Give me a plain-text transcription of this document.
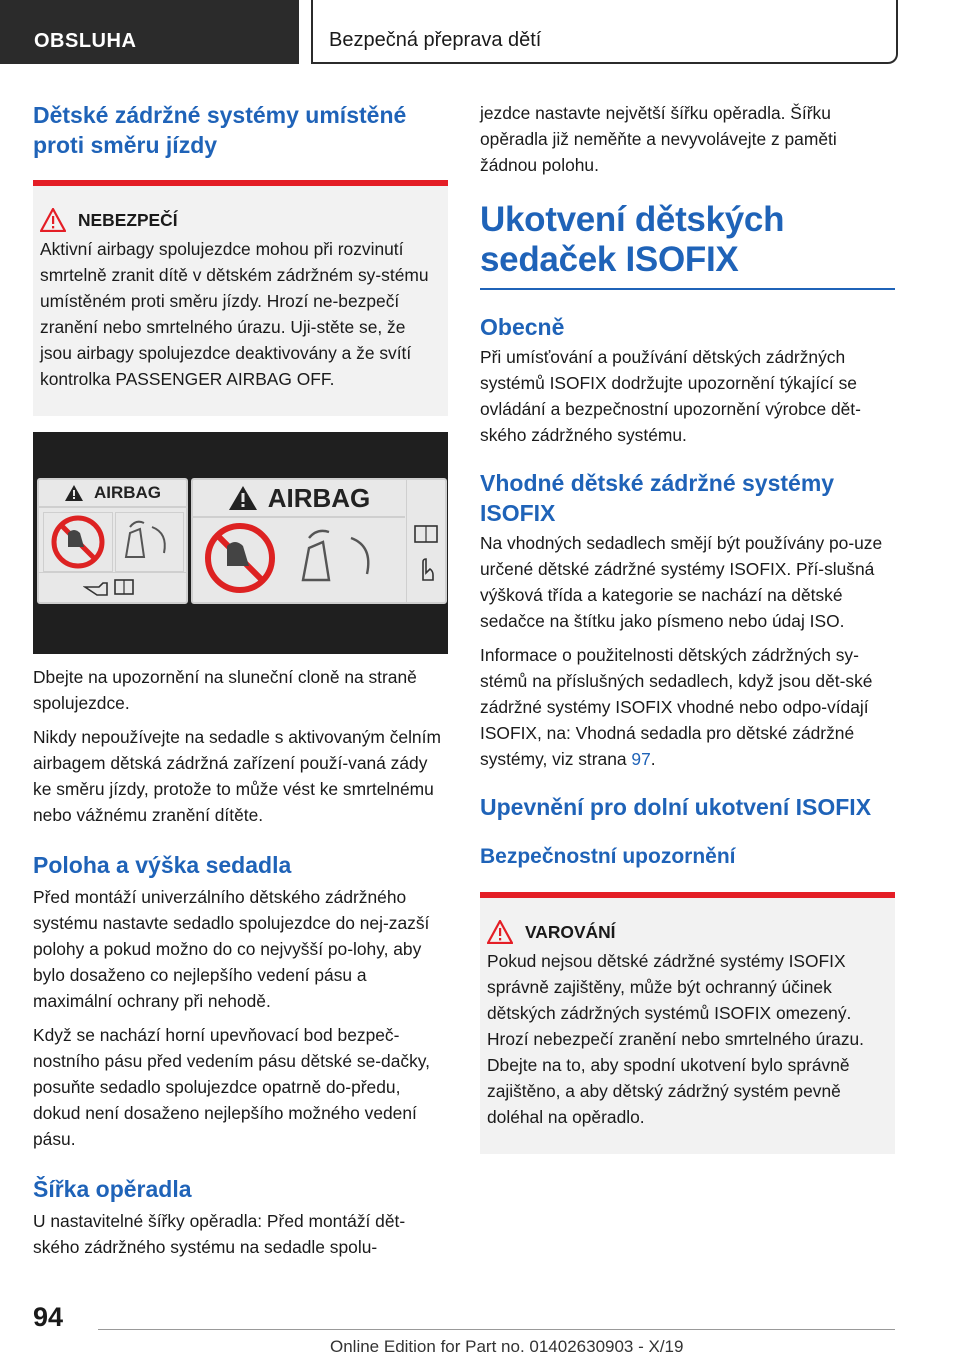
OBSLUHA	Bezpečná přeprava dětí
Dětské zádržné systémy umístěné proti směru jízdy
NEBEZPEČÍ

Aktivní airbagy spolujezdce mohou při rozvinutí smrtelně zranit dítě v dětském zádržném sy-stému umístěném proti směru jízdy. Hrozí ne-bezpečí zranění nebo smrtelného úrazu. Uji-stěte se, že jsou airbagy spolujezdce deaktivovány a že svítí kontrolka PASSENGER AIRBAG OFF.

AIRBAG	AIRBAG

Dbejte na upozornění na sluneční cloně na straně spolujezdce.

Nikdy nepoužívejte na sedadle s aktivovaným čelním airbagem dětská zádržná zařízení použí-vaná zády ke směru jízdy, protože to může vést ke smrtelnému nebo vážnému zranění dítěte.

Poloha a výška sedadla

Před montáží univerzálního dětského zádržného systému nastavte sedadlo spolujezdce do nej-zazší polohy a pokud možno do co nejvyšší po-lohy, aby bylo dosaženo co nejlepšího vedení pásu a maximální ochrany při nehodě.

Když se nachází horní upevňovací bod bezpeč-nostního pásu před vedením pásu dětské se-dačky, posuňte sedadlo spolujezdce opatrně do-předu, dokud není dosaženo nejlepšího možného vedení pásu.

Šířka opěradla

U nastavitelné šířky opěradla: Před montáží dět-ského zádržného systému na sedadle spolu-

jezdce nastavte největší šířku opěradla. Šířku opěradla již neměňte a nevyvolávejte z paměti žádnou polohu.

Ukotvení dětských sedaček ISOFIX
Obecně

Při umísťování a používání dětských zádržných systémů ISOFIX dodržujte upozornění týkající se ovládání a bezpečnostní upozornění výrobce dět-ského zádržného systému.

Vhodné dětské zádržné systémy ISOFIX

Na vhodných sedadlech smějí být používány po-uze určené dětské zádržné systémy ISOFIX. Pří-slušná výšková třída a kategorie se nachází na dětské sedačce na štítku jako písmeno nebo údaj ISO.

Informace o použitelnosti dětských zádržných sy-stémů na příslušných sedadlech, když jsou dět-ské zádržné systémy ISOFIX vhodné nebo odpo-vídají ISOFIX, na: Vhodná sedadla pro dětské zádržné systémy, viz strana 97.

Upevnění pro dolní ukotvení ISOFIX
Bezpečnostní upozornění
VAROVÁNÍ

Pokud nejsou dětské zádržné systémy ISOFIX správně zajištěny, může být ochranný účinek dětských zádržných systémů ISOFIX omezený. Hrozí nebezpečí zranění nebo smrtelného úrazu. Dbejte na to, aby spodní ukotvení bylo správně zajištěno, a aby dětský zádržný systém pevně doléhal na opěradlo.

94
Online Edition for Part no. 01402630903 - X/19
